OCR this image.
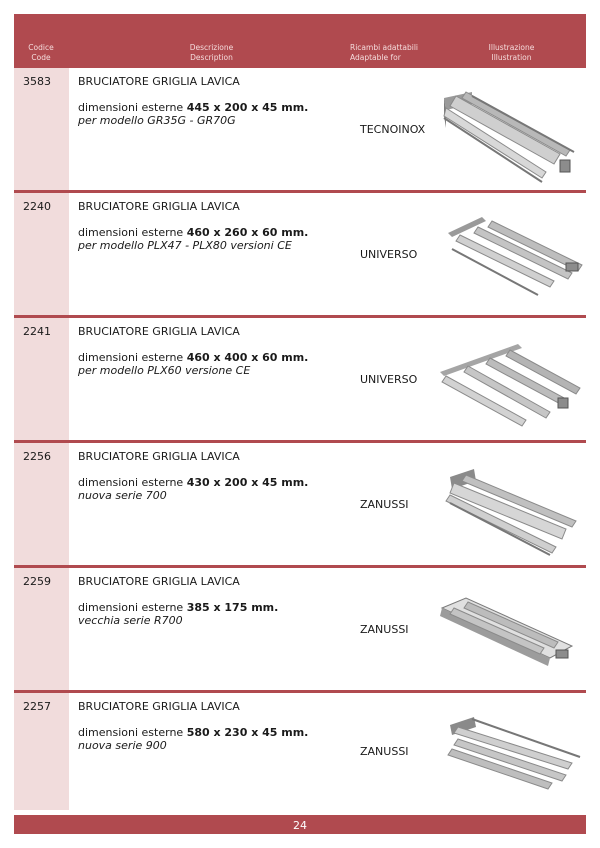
Codice
Code
Descrizione
Description
Ricambi adattabili
Adaptable for
Illustrazione
Illustration
3583 BRUCIATORE GRIGLIA LAVICA
dimensioni esterne 445 x 200 x 45 mm.
per modello GR35G - GR70G
TECNOINOX
2240 BRUCIATORE GRIGLIA LAVICA
dimensioni esterne 460 x 260 x 60 mm.
per modello PLX47 - PLX80 versioni CE
UNIVERSO
2241 BRUCIATORE GRIGLIA LAVICA
dimensioni esterne 460 x 400 x 60 mm.
per modello PLX60 versione CE
UNIVERSO
2256 BRUCIATORE GRIGLIA LAVICA
dimensioni esterne 430 x 200 x 45 mm.
nuova serie 700
ZANUSSI
2259 BRUCIATORE GRIGLIA LAVICA
dimensioni esterne 385 x 175 mm.
vecchia serie R700
ZANUSSI
2257 BRUCIATORE GRIGLIA LAVICA
dimensioni esterne 580 x 230 x 45 mm.
nuova serie 900	ZANUSSI
24
